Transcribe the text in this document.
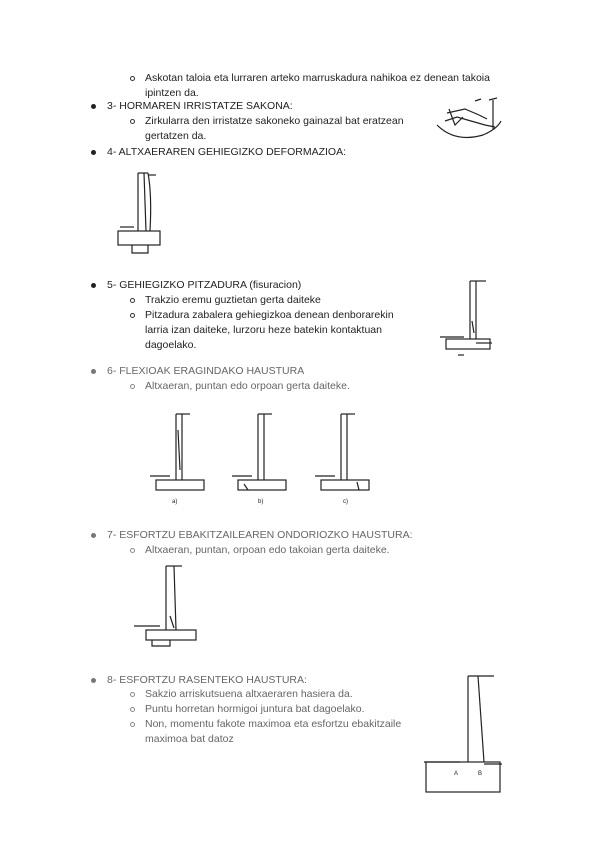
Askotan taloia eta lurraren arteko marruskadura nahikoa ez denean takoia
ipintzen da.
3- HORMAREN IRRISTATZE SAKONA:
Zirkularra den irristatze sakoneko gainazal bat eratzean
gertatzen da.
4- ALTXAERAREN GEHIEGIZKO DEFORMAZIOA:
5- GEHIEGIZKO PITZADURA (fisuracion)
Trakzio eremu guztietan gerta daiteke
Pitzadura zabalera gehiegizkoa denean denborarekin
larria izan daiteke, lurzoru heze batekin kontaktuan
dagoelako.
6- FLEXIOAK ERAGINDAKO HAUSTURA
Altxaeran, puntan edo orpoan gerta daiteke.
a)	b)	c)
7- ESFORTZU EBAKITZAILEAREN ONDORIOZKO HAUSTURA:
Altxaeran, puntan, orpoan edo takoian gerta daiteke.
8- ESFORTZU RASENTEKO HAUSTURA:
Sakzio arriskutsuena altxaeraren hasiera da.
Puntu horretan hormigoi juntura bat dagoelako.
Non, momentu fakote maximoa eta esfortzu ebakitzaile
maximoa bat datoz
A	B
